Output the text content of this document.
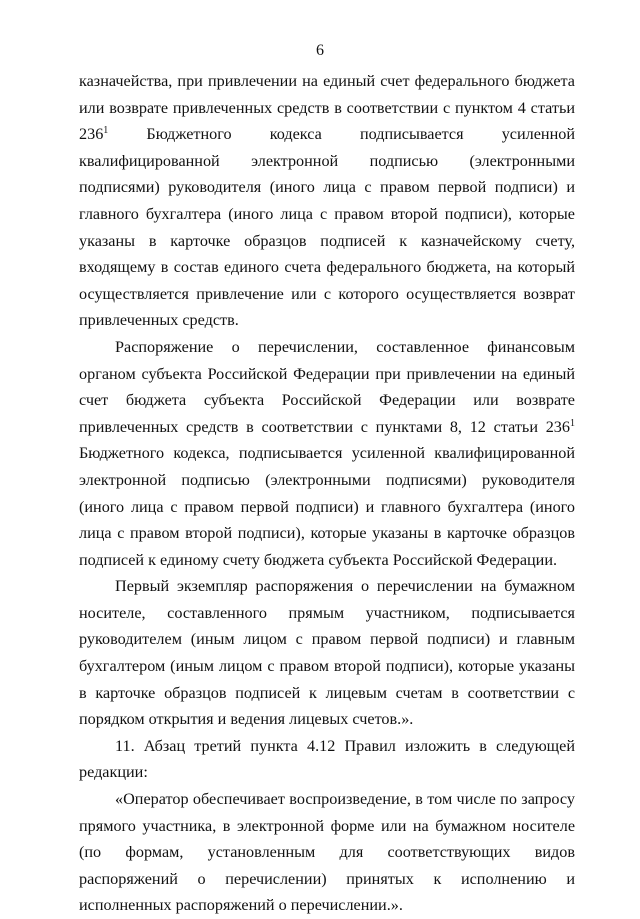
6

казначейства, при привлечении на единый счет федерального бюджета или возврате привлеченных средств в соответствии с пунктом 4 статьи $236^1$ Бюджетного кодекса подписывается усиленной квалифицированной электронной подписью (электронными подписями) руководителя (иного лица с правом первой подписи) и главного бухгалтера (иного лица с правом второй подписи), которые указаны в карточке образцов подписей к казначейскому счету, входящему в состав единого счета федерального бюджета, на который осуществляется привлечение или с которого осуществляется возврат привлеченных средств.

Распоряжение о перечислении, составленное финансовым органом субъекта Российской Федерации при привлечении на единый счет бюджета субъекта Российской Федерации или возврате привлеченных средств в соответствии с пунктами 8, 12 статьи $236^1$ Бюджетного кодекса, подписывается усиленной квалифицированной электронной подписью (электронными подписями) руководителя (иного лица с правом первой подписи) и главного бухгалтера (иного лица с правом второй подписи), которые указаны в карточке образцов подписей к единому счету бюджета субъекта Российской Федерации.

Первый экземпляр распоряжения о перечислении на бумажном носителе, составленного прямым участником, подписывается руководителем (иным лицом с правом первой подписи) и главным бухгалтером (иным лицом с правом второй подписи), которые указаны в карточке образцов подписей к лицевым счетам в соответствии с порядком открытия и ведения лицевых счетов.».

11. Абзац третий пункта 4.12 Правил изложить в следующей редакции:

«Оператор обеспечивает воспроизведение, в том числе по запросу прямого участника, в электронной форме или на бумажном носителе (по формам, установленным для соответствующих видов распоряжений о перечислении) принятых к исполнению и исполненных распоряжений о перечислении.».
